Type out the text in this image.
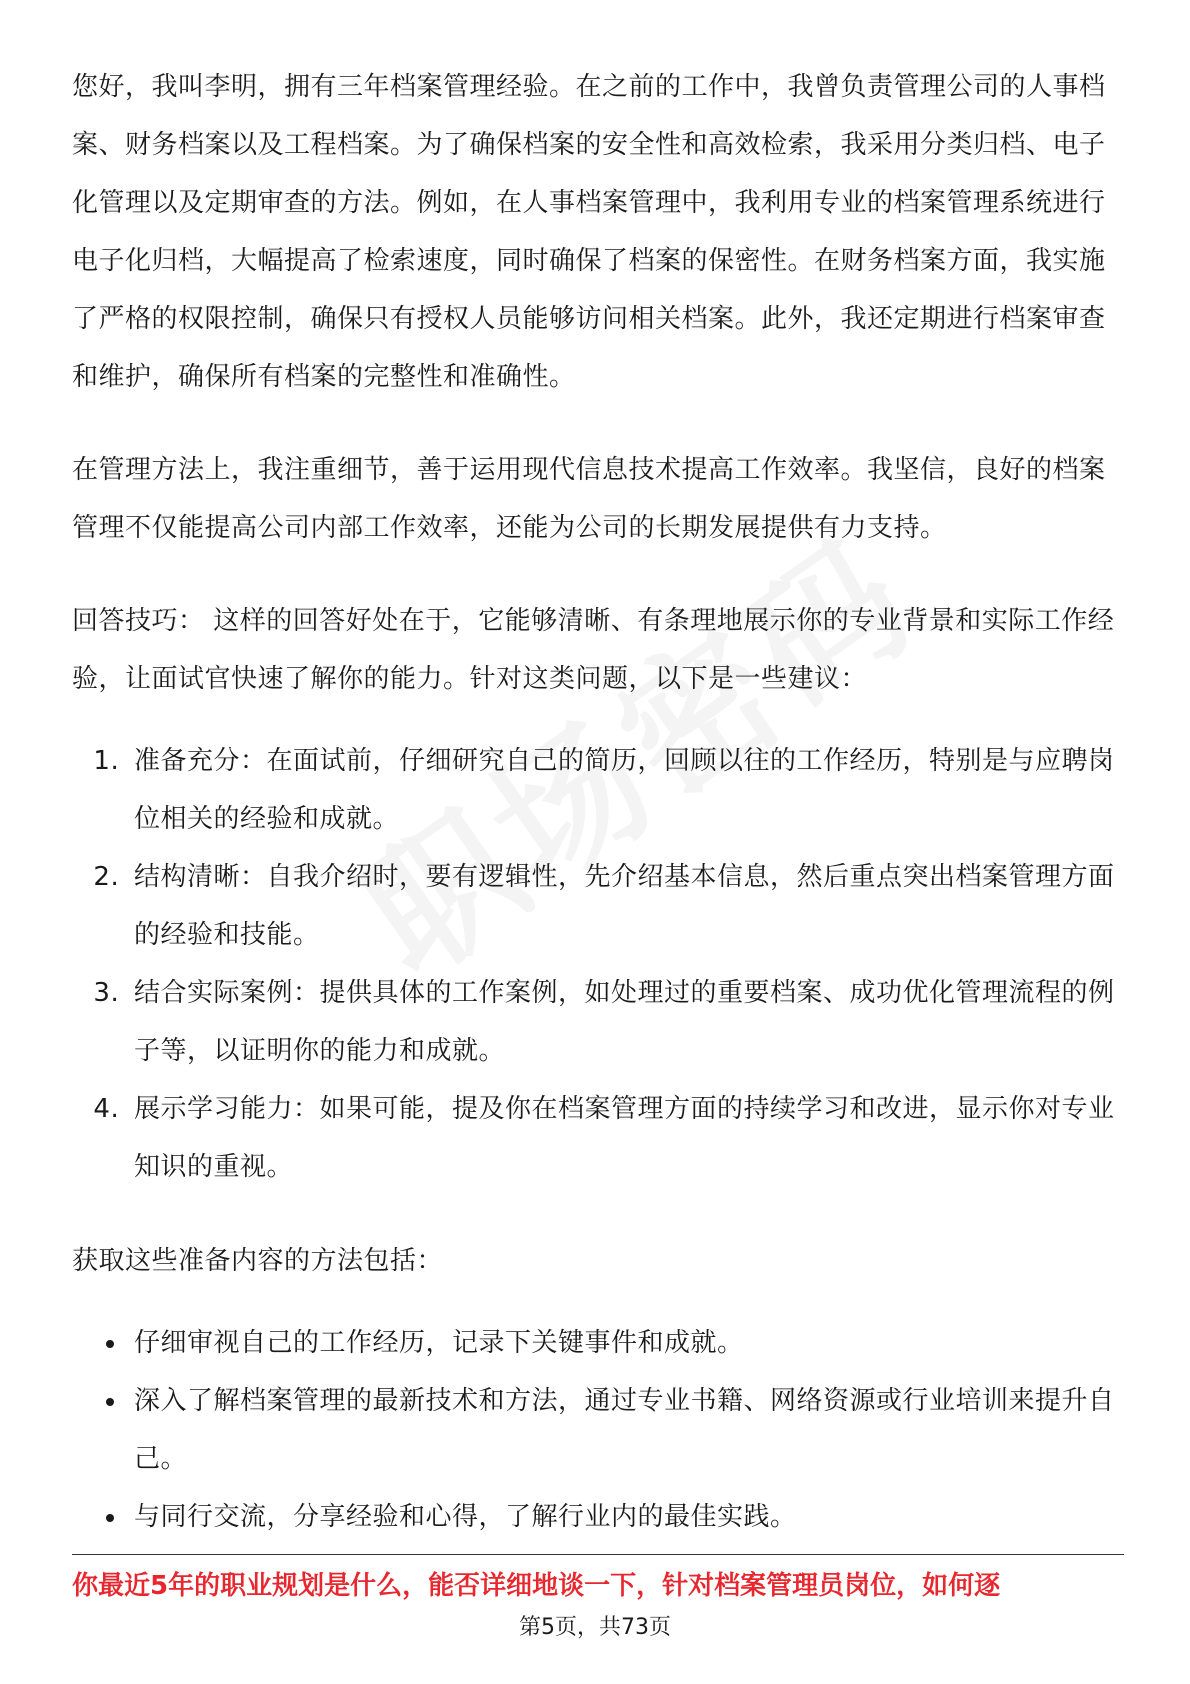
您好，我叫李明，拥有三年档案管理经验。在之前的工作中，我曾负责管理公司的人事档案、财务档案以及工程档案。为了确保档案的安全性和高效检索，我采用分类归档、电子化管理以及定期审查的方法。例如，在人事档案管理中，我利用专业的档案管理系统进行电子化归档，大幅提高了检索速度，同时确保了档案的保密性。在财务档案方面，我实施了严格的权限控制，确保只有授权人员能够访问相关档案。此外，我还定期进行档案审查和维护，确保所有档案的完整性和准确性。

在管理方法上，我注重细节，善于运用现代信息技术提高工作效率。我坚信，良好的档案管理不仅能提高公司内部工作效率，还能为公司的长期发展提供有力支持。

回答技巧： 这样的回答好处在于，它能够清晰、有条理地展示你的专业背景和实际工作经验，让面试官快速了解你的能力。针对这类问题，以下是一些建议：

1. 准备充分：在面试前，仔细研究自己的简历，回顾以往的工作经历，特别是与应聘岗位相关的经验和成就。
2. 结构清晰：自我介绍时，要有逻辑性，先介绍基本信息，然后重点突出档案管理方面的经验和技能。
3. 结合实际案例：提供具体的工作案例，如处理过的重要档案、成功优化管理流程的例子等，以证明你的能力和成就。
4. 展示学习能力：如果可能，提及你在档案管理方面的持续学习和改进，显示你对专业知识的重视。

获取这些准备内容的方法包括：

• 仔细审视自己的工作经历，记录下关键事件和成就。
• 深入了解档案管理的最新技术和方法，通过专业书籍、网络资源或行业培训来提升自己。
• 与同行交流，分享经验和心得，了解行业内的最佳实践。
你最近5年的职业规划是什么，能否详细地谈一下，针对档案管理员岗位，如何逐
第5页，共73页
